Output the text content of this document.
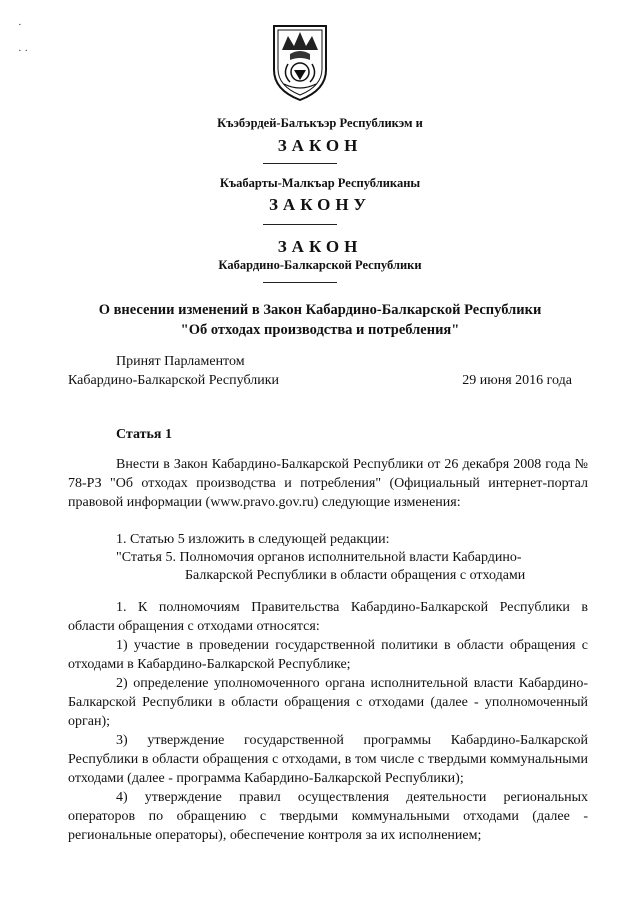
·
· ·
Къэбэрдей-Балъкъэр Республикэм и
ЗАКОН
Къабарты-Малкъар Республиканы
ЗАКОНУ
ЗАКОН
Кабардино-Балкарской Республики
О внесении изменений в Закон Кабардино-Балкарской Республики
"Об отходах производства и потребления"
Принят Парламентом
Кабардино-Балкарской Республики	29 июня 2016 года
Статья 1
Внести в Закон Кабардино-Балкарской Республики от 26 декабря 2008 года № 78-РЗ "Об отходах производства и потребления" (Официальный интернет-портал правовой информации (www.pravo.gov.ru) следующие изменения:
1. Статью 5 изложить в следующей редакции:
"Статья 5. Полномочия органов исполнительной власти Кабардино-
Балкарской Республики в области обращения с отходами
1. К полномочиям Правительства Кабардино-Балкарской Республики в области обращения с отходами относятся:
1) участие в проведении государственной политики в области обращения с отходами в Кабардино-Балкарской Республике;
2) определение уполномоченного органа исполнительной власти Кабардино-Балкарской Республики в области обращения с отходами (далее - уполномоченный орган);
3) утверждение государственной программы Кабардино-Балкарской Республики в области обращения с отходами, в том числе с твердыми коммунальными отходами (далее - программа Кабардино-Балкарской Республики);
4) утверждение правил осуществления деятельности региональных операторов по обращению с твердыми коммунальными отходами (далее - региональные операторы), обеспечение контроля за их исполнением;
